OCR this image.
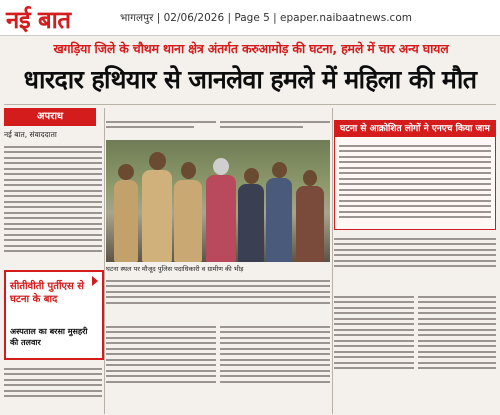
नई बात	भागलपुर | 02/06/2026 | Page 5 | epaper.naibaatnews.com
खगड़िया जिले के चौथम थाना क्षेत्र अंतर्गत करुआमोड़ की घटना, हमले में चार अन्य घायल
धारदार हथियार से जानलेवा हमले में महिला की मौत
अपराध
नई बात, संवाददाता
घटना स्थल पर मौजूद पुलिस पदाधिकारी व ग्रामीण की भीड़
घटना से आक्रोशित लोगों ने एनएच किया जाम
सीतीवीती पुर्तीएस से घटना के बाद
अस्पताल का बरसा मुसहरी की तलवार
